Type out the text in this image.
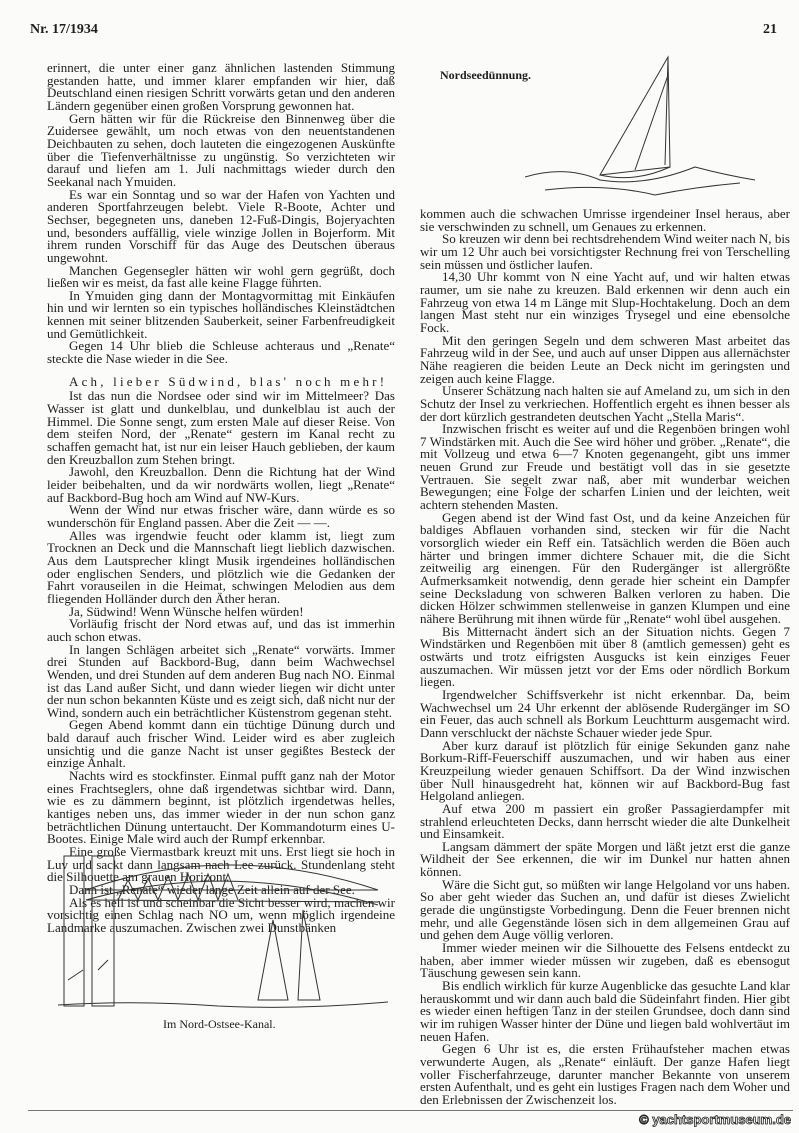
Nr. 17/1934	21

erinnert, die unter einer ganz ähnlichen lastenden Stimmung gestanden hatte, und immer klarer empfanden wir hier, daß Deutschland einen riesigen Schritt vorwärts getan und den anderen Ländern gegenüber einen großen Vorsprung gewonnen hat.

Gern hätten wir für die Rückreise den Binnenweg über die Zuidersee gewählt, um noch etwas von den neuentstandenen Deichbauten zu sehen, doch lauteten die eingezogenen Auskünfte über die Tiefenverhältnisse zu ungünstig. So verzichteten wir darauf und liefen am 1. Juli nachmittags wieder durch den Seekanal nach Ymuiden.

Es war ein Sonntag und so war der Hafen von Yachten und anderen Sportfahrzeugen belebt. Viele R-Boote, Achter und Sechser, begegneten uns, daneben 12-Fuß-Dingis, Bojeryachten und, besonders auffällig, viele winzige Jollen in Bojerform. Mit ihrem runden Vorschiff für das Auge des Deutschen überaus ungewohnt.

Manchen Gegensegler hätten wir wohl gern gegrüßt, doch ließen wir es meist, da fast alle keine Flagge führten.

In Ymuiden ging dann der Montagvormittag mit Einkäufen hin und wir lernten so ein typisches holländisches Kleinstädtchen kennen mit seiner blitzenden Sauberkeit, seiner Farbenfreudigkeit und Gemütlichkeit.

Gegen 14 Uhr blieb die Schleuse achteraus und „Renate“ steckte die Nase wieder in die See.

Ach, lieber Südwind, blas' noch mehr!

Ist das nun die Nordsee oder sind wir im Mittelmeer? Das Wasser ist glatt und dunkelblau, und dunkelblau ist auch der Himmel. Die Sonne sengt, zum ersten Male auf dieser Reise. Von dem steifen Nord, der „Renate“ gestern im Kanal recht zu schaffen gemacht hat, ist nur ein leiser Hauch geblieben, der kaum den Kreuzballon zum Stehen bringt.

Jawohl, den Kreuzballon. Denn die Richtung hat der Wind leider beibehalten, und da wir nordwärts wollen, liegt „Renate“ auf Backbord-Bug hoch am Wind auf NW-Kurs.

Wenn der Wind nur etwas frischer wäre, dann würde es so wunderschön für England passen. Aber die Zeit — —.

Alles was irgendwie feucht oder klamm ist, liegt zum Trocknen an Deck und die Mannschaft liegt lieblich dazwischen. Aus dem Lautsprecher klingt Musik irgendeines holländischen oder englischen Senders, und plötzlich wie die Gedanken der Fahrt vorauseilen in die Heimat, schwingen Melodien aus dem fliegenden Holländer durch den Äther heran.

Ja, Südwind! Wenn Wünsche helfen würden!

Vorläufig frischt der Nord etwas auf, und das ist immerhin auch schon etwas.

In langen Schlägen arbeitet sich „Renate“ vorwärts. Immer drei Stunden auf Backbord-Bug, dann beim Wachwechsel Wenden, und drei Stunden auf dem anderen Bug nach NO. Einmal ist das Land außer Sicht, und dann wieder liegen wir dicht unter der nun schon bekannten Küste und es zeigt sich, daß nicht nur der Wind, sondern auch ein beträchtlicher Küstenstrom gegenan steht.

Gegen Abend kommt dann ein tüchtige Dünung durch und bald darauf auch frischer Wind. Leider wird es aber zugleich unsichtig und die ganze Nacht ist unser gegißtes Besteck der einzige Anhalt.

Nachts wird es stockfinster. Einmal pufft ganz nah der Motor eines Frachtseglers, ohne daß irgendetwas sichtbar wird. Dann, wie es zu dämmern beginnt, ist plötzlich irgendetwas helles, kantiges neben uns, das immer wieder in der nun schon ganz beträchtlichen Dünung untertaucht. Der Kommandoturm eines U-Bootes. Einige Male wird auch der Rumpf erkennbar.

Eine große Viermastbark kreuzt mit uns. Erst liegt sie hoch in Luv und sackt dann langsam nach Lee zurück. Stundenlang steht die Silhouette am grauen Horizont.

Dann ist „Renate“ wieder lange Zeit allein auf der See.

Als es hell ist und scheinbar die Sicht besser wird, machen wir vorsichtig einen Schlag nach NO um, wenn möglich irgendeine Landmarke auszumachen. Zwischen zwei Dunstbänken

Im Nord-Ostsee-Kanal.
Nordseedünnung.

kommen auch die schwachen Umrisse irgendeiner Insel heraus, aber sie verschwinden zu schnell, um Genaues zu erkennen.

So kreuzen wir denn bei rechtsdrehendem Wind weiter nach N, bis wir um 12 Uhr auch bei vorsichtigster Rechnung frei von Terschelling sein müssen und östlicher laufen.

14,30 Uhr kommt von N eine Yacht auf, und wir halten etwas raumer, um sie nahe zu kreuzen. Bald erkennen wir denn auch ein Fahrzeug von etwa 14 m Länge mit Slup-Hochtakelung. Doch an dem langen Mast steht nur ein winziges Trysegel und eine ebensolche Fock.

Mit den geringen Segeln und dem schweren Mast arbeitet das Fahrzeug wild in der See, und auch auf unser Dippen aus allernächster Nähe reagieren die beiden Leute an Deck nicht im geringsten und zeigen auch keine Flagge.

Unserer Schätzung nach halten sie auf Ameland zu, um sich in den Schutz der Insel zu verkriechen. Hoffentlich ergeht es ihnen besser als der dort kürzlich gestrandeten deutschen Yacht „Stella Maris“.

Inzwischen frischt es weiter auf und die Regenböen bringen wohl 7 Windstärken mit. Auch die See wird höher und gröber. „Renate“, die mit Vollzeug und etwa 6—7 Knoten gegenangeht, gibt uns immer neuen Grund zur Freude und bestätigt voll das in sie gesetzte Vertrauen. Sie segelt zwar naß, aber mit wunderbar weichen Bewegungen; eine Folge der scharfen Linien und der leichten, weit achtern stehenden Masten.

Gegen abend ist der Wind fast Ost, und da keine Anzeichen für baldiges Abflauen vorhanden sind, stecken wir für die Nacht vorsorglich wieder ein Reff ein. Tatsächlich werden die Böen auch härter und bringen immer dichtere Schauer mit, die die Sicht zeitweilig arg einengen. Für den Rudergänger ist allergrößte Aufmerksamkeit notwendig, denn gerade hier scheint ein Dampfer seine Decksladung von schweren Balken verloren zu haben. Die dicken Hölzer schwimmen stellenweise in ganzen Klumpen und eine nähere Berührung mit ihnen würde für „Renate“ wohl übel ausgehen.

Bis Mitternacht ändert sich an der Situation nichts. Gegen 7 Windstärken und Regenböen mit über 8 (amtlich gemessen) geht es ostwärts und trotz eifrigsten Ausgucks ist kein einziges Feuer auszumachen. Wir müssen jetzt vor der Ems oder nördlich Borkum liegen.

Irgendwelcher Schiffsverkehr ist nicht erkennbar. Da, beim Wachwechsel um 24 Uhr erkennt der ablösende Rudergänger im SO ein Feuer, das auch schnell als Borkum Leuchtturm ausgemacht wird. Dann verschluckt der nächste Schauer wieder jede Spur.

Aber kurz darauf ist plötzlich für einige Sekunden ganz nahe Borkum-Riff-Feuerschiff auszumachen, und wir haben aus einer Kreuzpeilung wieder genauen Schiffsort. Da der Wind inzwischen über Null hinausgedreht hat, können wir auf Backbord-Bug fast Helgoland anliegen.

Auf etwa 200 m passiert ein großer Passagierdampfer mit strahlend erleuchteten Decks, dann herrscht wieder die alte Dunkelheit und Einsamkeit.

Langsam dämmert der späte Morgen und läßt jetzt erst die ganze Wildheit der See erkennen, die wir im Dunkel nur hatten ahnen können.

Wäre die Sicht gut, so müßten wir lange Helgoland vor uns haben. So aber geht wieder das Suchen an, und dafür ist dieses Zwielicht gerade die ungünstigste Vorbedingung. Denn die Feuer brennen nicht mehr, und alle Gegenstände lösen sich in dem allgemeinen Grau auf und gehen dem Auge völlig verloren.

Immer wieder meinen wir die Silhouette des Felsens entdeckt zu haben, aber immer wieder müssen wir zugeben, daß es ebensogut Täuschung gewesen sein kann.

Bis endlich wirklich für kurze Augenblicke das gesuchte Land klar herauskommt und wir dann auch bald die Südeinfahrt finden. Hier gibt es wieder einen heftigen Tanz in der steilen Grundsee, doch dann sind wir im ruhigen Wasser hinter der Düne und liegen bald wohlvertäut im neuen Hafen.

Gegen 6 Uhr ist es, die ersten Frühaufsteher machen etwas verwunderte Augen, als „Renate“ einläuft. Der ganze Hafen liegt voller Fischerfahrzeuge, darunter mancher Bekannte von unserem ersten Aufenthalt, und es geht ein lustiges Fragen nach dem Woher und den Erlebnissen der Zwischenzeit los.

© yachtsportmuseum.de
